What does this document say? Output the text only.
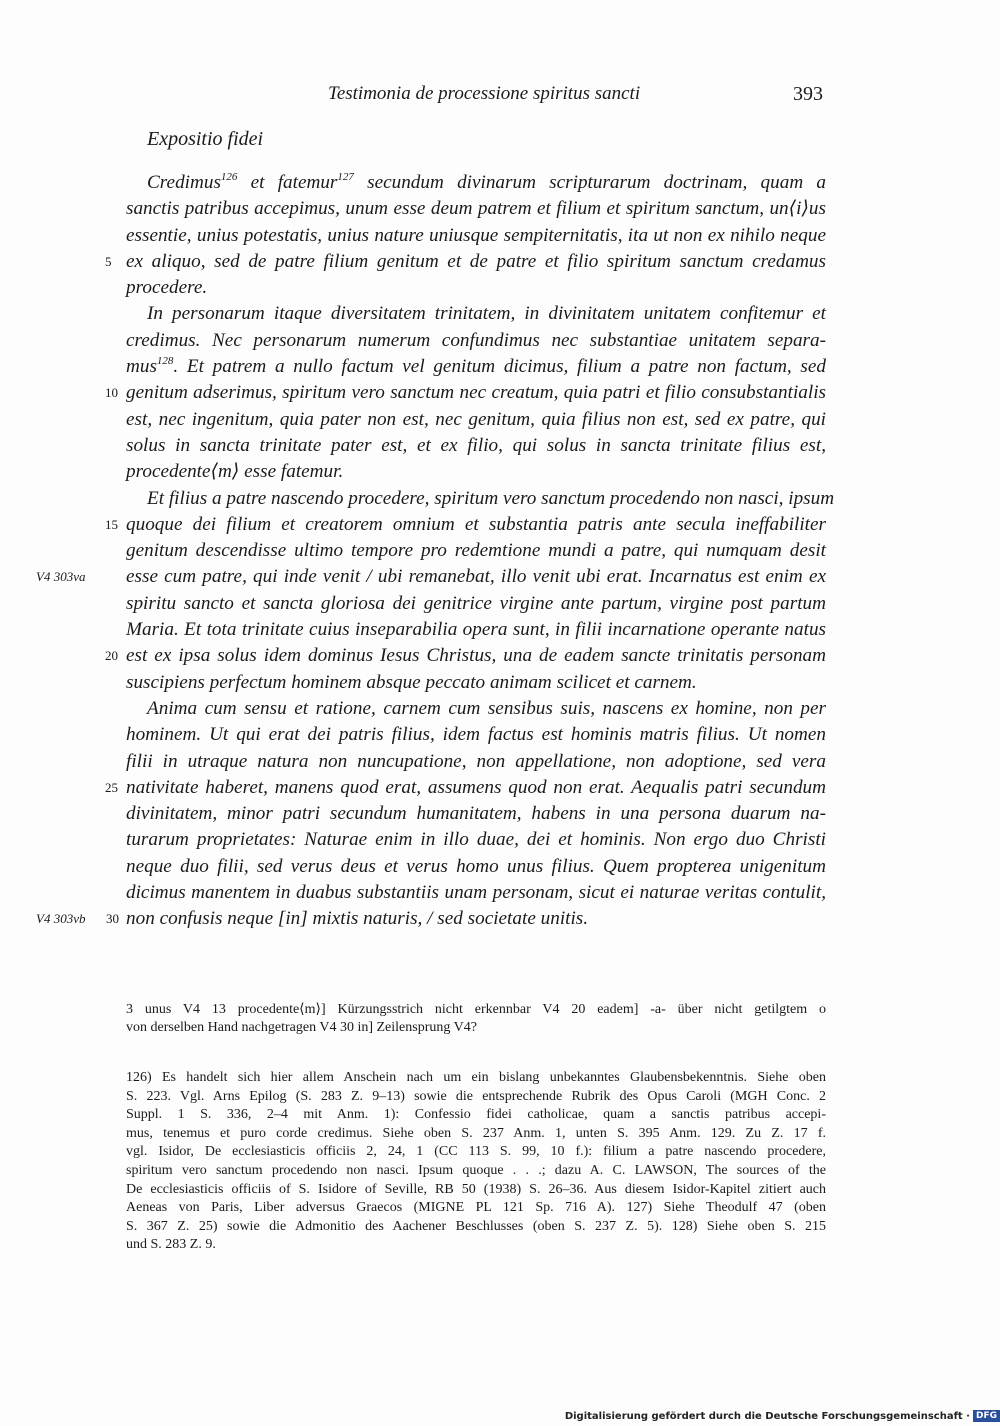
Testimonia de processione spiritus sancti	393
Expositio fidei
Credimus$^{126}$ et fatemur$^{127}$ secundum divinarum scripturarum doctrinam, quam a
sanctis patribus accepimus, unum esse deum patrem et filium et spiritum sanctum, un⟨i⟩us
essentie, unius potestatis, unius nature uniusque sempiternitatis, ita ut non ex nihilo neque
5 ex aliquo, sed de patre filium genitum et de patre et filio spiritum sanctum credamus
procedere.
In personarum itaque diversitatem trinitatem, in divinitatem unitatem confitemur et
credimus. Nec personarum numerum confundimus nec substantiae unitatem separa-
mus$^{128}$. Et patrem a nullo factum vel genitum dicimus, filium a patre non factum, sed
10 genitum adserimus, spiritum vero sanctum nec creatum, quia patri et filio consubstantialis
est, nec ingenitum, quia pater non est, nec genitum, quia filius non est, sed ex patre, qui
solus in sancta trinitate pater est, et ex filio, qui solus in sancta trinitate filius est,
procedente⟨m⟩ esse fatemur.
Et filius a patre nascendo procedere, spiritum vero sanctum procedendo non nasci, ipsum
15 quoque dei filium et creatorem omnium et substantia patris ante secula ineffabiliter
genitum descendisse ultimo tempore pro redemtione mundi a patre, qui numquam desit
V4 303va esse cum patre, qui inde venit / ubi remanebat, illo venit ubi erat. Incarnatus est enim ex
spiritu sancto et sancta gloriosa dei genitrice virgine ante partum, virgine post partum
Maria. Et tota trinitate cuius inseparabilia opera sunt, in filii incarnatione operante natus
20 est ex ipsa solus idem dominus Iesus Christus, una de eadem sancte trinitatis personam
suscipiens perfectum hominem absque peccato animam scilicet et carnem.
Anima cum sensu et ratione, carnem cum sensibus suis, nascens ex homine, non per
hominem. Ut qui erat dei patris filius, idem factus est hominis matris filius. Ut nomen
filii in utraque natura non nuncupatione, non appellatione, non adoptione, sed vera
25 nativitate haberet, manens quod erat, assumens quod non erat. Aequalis patri secundum
divinitatem, minor patri secundum humanitatem, habens in una persona duarum na-
turarum proprietates: Naturae enim in illo duae, dei et hominis. Non ergo duo Christi
neque duo filii, sed verus deus et verus homo unus filius. Quem propterea unigenitum
dicimus manentem in duabus substantiis unam personam, sicut ei naturae veritas contulit,
V4 303vb 30 non confusis neque [in] mixtis naturis, / sed societate unitis.
3 unus V4 13 procedente⟨m⟩] Kürzungsstrich nicht erkennbar V4 20 eadem] -a- über nicht getilgtem o
von derselben Hand nachgetragen V4 30 in] Zeilensprung V4?
126) Es handelt sich hier allem Anschein nach um ein bislang unbekanntes Glaubensbekenntnis. Siehe oben
S. 223. Vgl. Arns Epilog (S. 283 Z. 9–13) sowie die entsprechende Rubrik des Opus Caroli (MGH Conc. 2
Suppl. 1 S. 336, 2–4 mit Anm. 1): Confessio fidei catholicae, quam a sanctis patribus accepi-
mus, tenemus et puro corde credimus. Siehe oben S. 237 Anm. 1, unten S. 395 Anm. 129. Zu Z. 17 f.
vgl. Isidor, De ecclesiasticis officiis 2, 24, 1 (CC 113 S. 99, 10 f.): filium a patre nascendo procedere,
spiritum vero sanctum procedendo non nasci. Ipsum quoque . . .; dazu A. C. LAWSON, The sources of the
De ecclesiasticis officiis of S. Isidore of Seville, RB 50 (1938) S. 26–36. Aus diesem Isidor-Kapitel zitiert auch
Aeneas von Paris, Liber adversus Graecos (MIGNE PL 121 Sp. 716 A). 127) Siehe Theodulf 47 (oben
S. 367 Z. 25) sowie die Admonitio des Aachener Beschlusses (oben S. 237 Z. 5). 128) Siehe oben S. 215
und S. 283 Z. 9.
Digitalisierung gefördert durch die Deutsche Forschungsgemeinschaft · DFG
